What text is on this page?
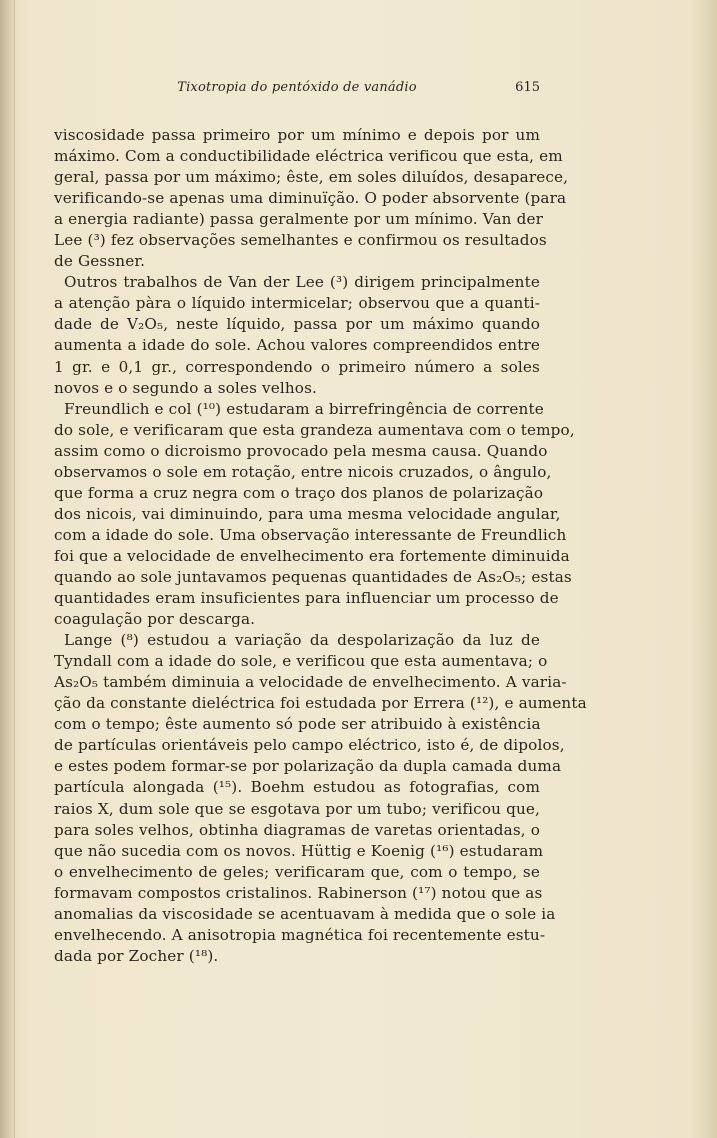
Tixotropia do pentóxido de vanádio	615
viscosidade passa primeiro por um mínimo e depois por um
máximo. Com a conductibilidade eléctrica verificou que esta, em
geral, passa por um máximo; êste, em soles diluídos, desaparece,
verificando-se apenas uma diminuïção. O poder absorvente (para
a energia radiante) passa geralmente por um mínimo. Van der
Lee (³) fez observações semelhantes e confirmou os resultados
de Gessner.
Outros trabalhos de Van der Lee (³) dirigem principalmente
a atenção pàra o líquido intermicelar; observou que a quanti-
dade de V₂O₅, neste líquido, passa por um máximo quando
aumenta a idade do sole. Achou valores compreendidos entre
1 gr. e 0,1 gr., correspondendo o primeiro número a soles
novos e o segundo a soles velhos.
Freundlich e col (¹⁰) estudaram a birrefringência de corrente
do sole, e verificaram que esta grandeza aumentava com o tempo,
assim como o dicroismo provocado pela mesma causa. Quando
observamos o sole em rotação, entre nicois cruzados, o ângulo,
que forma a cruz negra com o traço dos planos de polarização
dos nicois, vai diminuindo, para uma mesma velocidade angular,
com a idade do sole. Uma observação interessante de Freundlich
foi que a velocidade de envelhecimento era fortemente diminuida
quando ao sole juntavamos pequenas quantidades de As₂O₅; estas
quantidades eram insuficientes para influenciar um processo de
coagulação por descarga.
Lange (⁸) estudou a variação da despolarização da luz de
Tyndall com a idade do sole, e verificou que esta aumentava; o
As₂O₅ também diminuia a velocidade de envelhecimento. A varia-
ção da constante dieléctrica foi estudada por Errera (¹²), e aumenta
com o tempo; êste aumento só pode ser atribuido à existência
de partículas orientáveis pelo campo eléctrico, isto é, de dipolos,
e estes podem formar-se por polarização da dupla camada duma
partícula alongada (¹⁵). Boehm estudou as fotografias, com
raios X, dum sole que se esgotava por um tubo; verificou que,
para soles velhos, obtinha diagramas de varetas orientadas, o
que não sucedia com os novos. Hüttig e Koenig (¹⁶) estudaram
o envelhecimento de geles; verificaram que, com o tempo, se
formavam compostos cristalinos. Rabinerson (¹⁷) notou que as
anomalias da viscosidade se acentuavam à medida que o sole ia
envelhecendo. A anisotropia magnética foi recentemente estu-
dada por Zocher (¹⁸).
